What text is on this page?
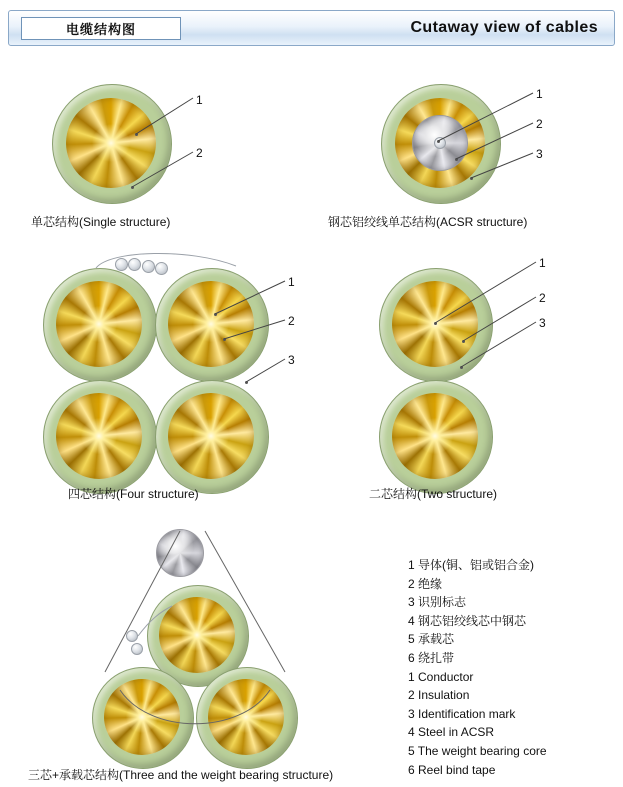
电缆结构图	Cutaway view of cables
1
2
单芯结构(Single structure)
1
2
3
钢芯铝绞线单芯结构(ACSR structure)
1
2
3
四芯结构(Four structure)
1
2
3
二芯结构(Two structure)
三芯+承载芯结构(Three and the weight bearing structure)
1 导体(铜、铝或铝合金)
2 绝缘
3 识别标志
4 钢芯铝绞线芯中钢芯
5 承载芯
6 绕扎带
1 Conductor
2 Insulation
3 Identification mark
4 Steel in ACSR
5 The weight bearing core
6 Reel bind tape
